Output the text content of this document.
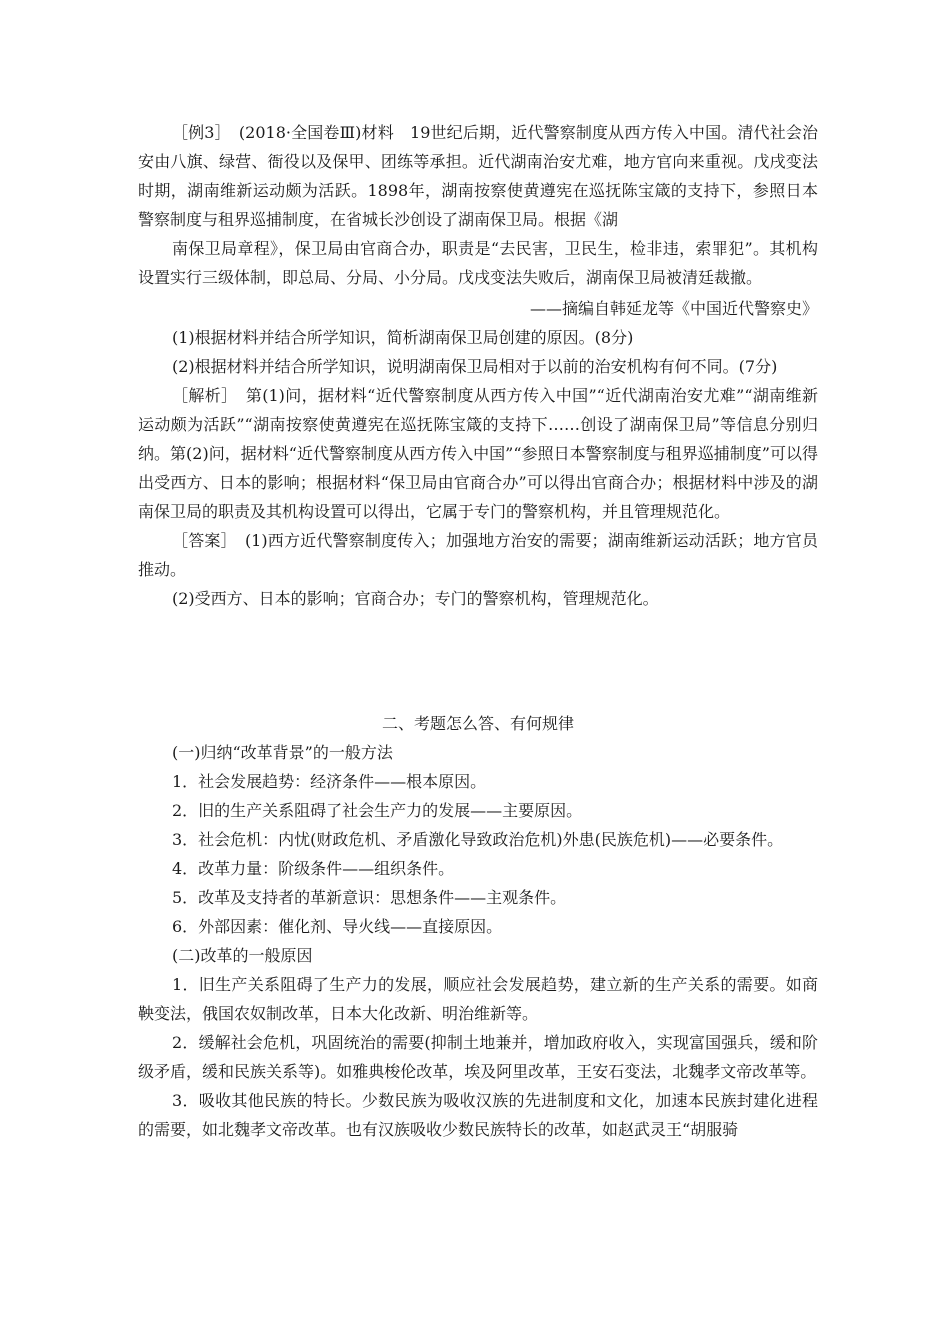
［例3］　(2018·全国卷Ⅲ)材料　19世纪后期，近代警察制度从西方传入中国。清代社会治安由八旗、绿营、衙役以及保甲、团练等承担。近代湖南治安尤难，地方官向来重视。戊戌变法时期，湖南维新运动颇为活跃。1898年，湖南按察使黄遵宪在巡抚陈宝箴的支持下，参照日本警察制度与租界巡捕制度，在省城长沙创设了湖南保卫局。根据《湖

南保卫局章程》，保卫局由官商合办，职责是“去民害，卫民生，检非违，索罪犯”。其机构设置实行三级体制，即总局、分局、小分局。戊戌变法失败后，湖南保卫局被清廷裁撤。

——摘编自韩延龙等《中国近代警察史》

(1)根据材料并结合所学知识，简析湖南保卫局创建的原因。(8分)

(2)根据材料并结合所学知识，说明湖南保卫局相对于以前的治安机构有何不同。(7分)

［解析］　第(1)问，据材料“近代警察制度从西方传入中国”“近代湖南治安尤难”“湖南维新运动颇为活跃”“湖南按察使黄遵宪在巡抚陈宝箴的支持下……创设了湖南保卫局”等信息分别归纳。第(2)问，据材料“近代警察制度从西方传入中国”“参照日本警察制度与租界巡捕制度”可以得出受西方、日本的影响；根据材料“保卫局由官商合办”可以得出官商合办；根据材料中涉及的湖南保卫局的职责及其机构设置可以得出，它属于专门的警察机构，并且管理规范化。

［答案］　(1)西方近代警察制度传入；加强地方治安的需要；湖南维新运动活跃；地方官员推动。

(2)受西方、日本的影响；官商合办；专门的警察机构，管理规范化。

二、考题怎么答、有何规律

(一)归纳“改革背景”的一般方法

1．社会发展趋势：经济条件——根本原因。

2．旧的生产关系阻碍了社会生产力的发展——主要原因。

3．社会危机：内忧(财政危机、矛盾激化导致政治危机)外患(民族危机)——必要条件。

4．改革力量：阶级条件——组织条件。

5．改革及支持者的革新意识：思想条件——主观条件。

6．外部因素：催化剂、导火线——直接原因。

(二)改革的一般原因

1．旧生产关系阻碍了生产力的发展，顺应社会发展趋势，建立新的生产关系的需要。如商鞅变法，俄国农奴制改革，日本大化改新、明治维新等。

2．缓解社会危机，巩固统治的需要(抑制土地兼并，增加政府收入，实现富国强兵，缓和阶级矛盾，缓和民族关系等)。如雅典梭伦改革，埃及阿里改革，王安石变法，北魏孝文帝改革等。

3．吸收其他民族的特长。少数民族为吸收汉族的先进制度和文化，加速本民族封建化进程的需要，如北魏孝文帝改革。也有汉族吸收少数民族特长的改革，如赵武灵王“胡服骑
